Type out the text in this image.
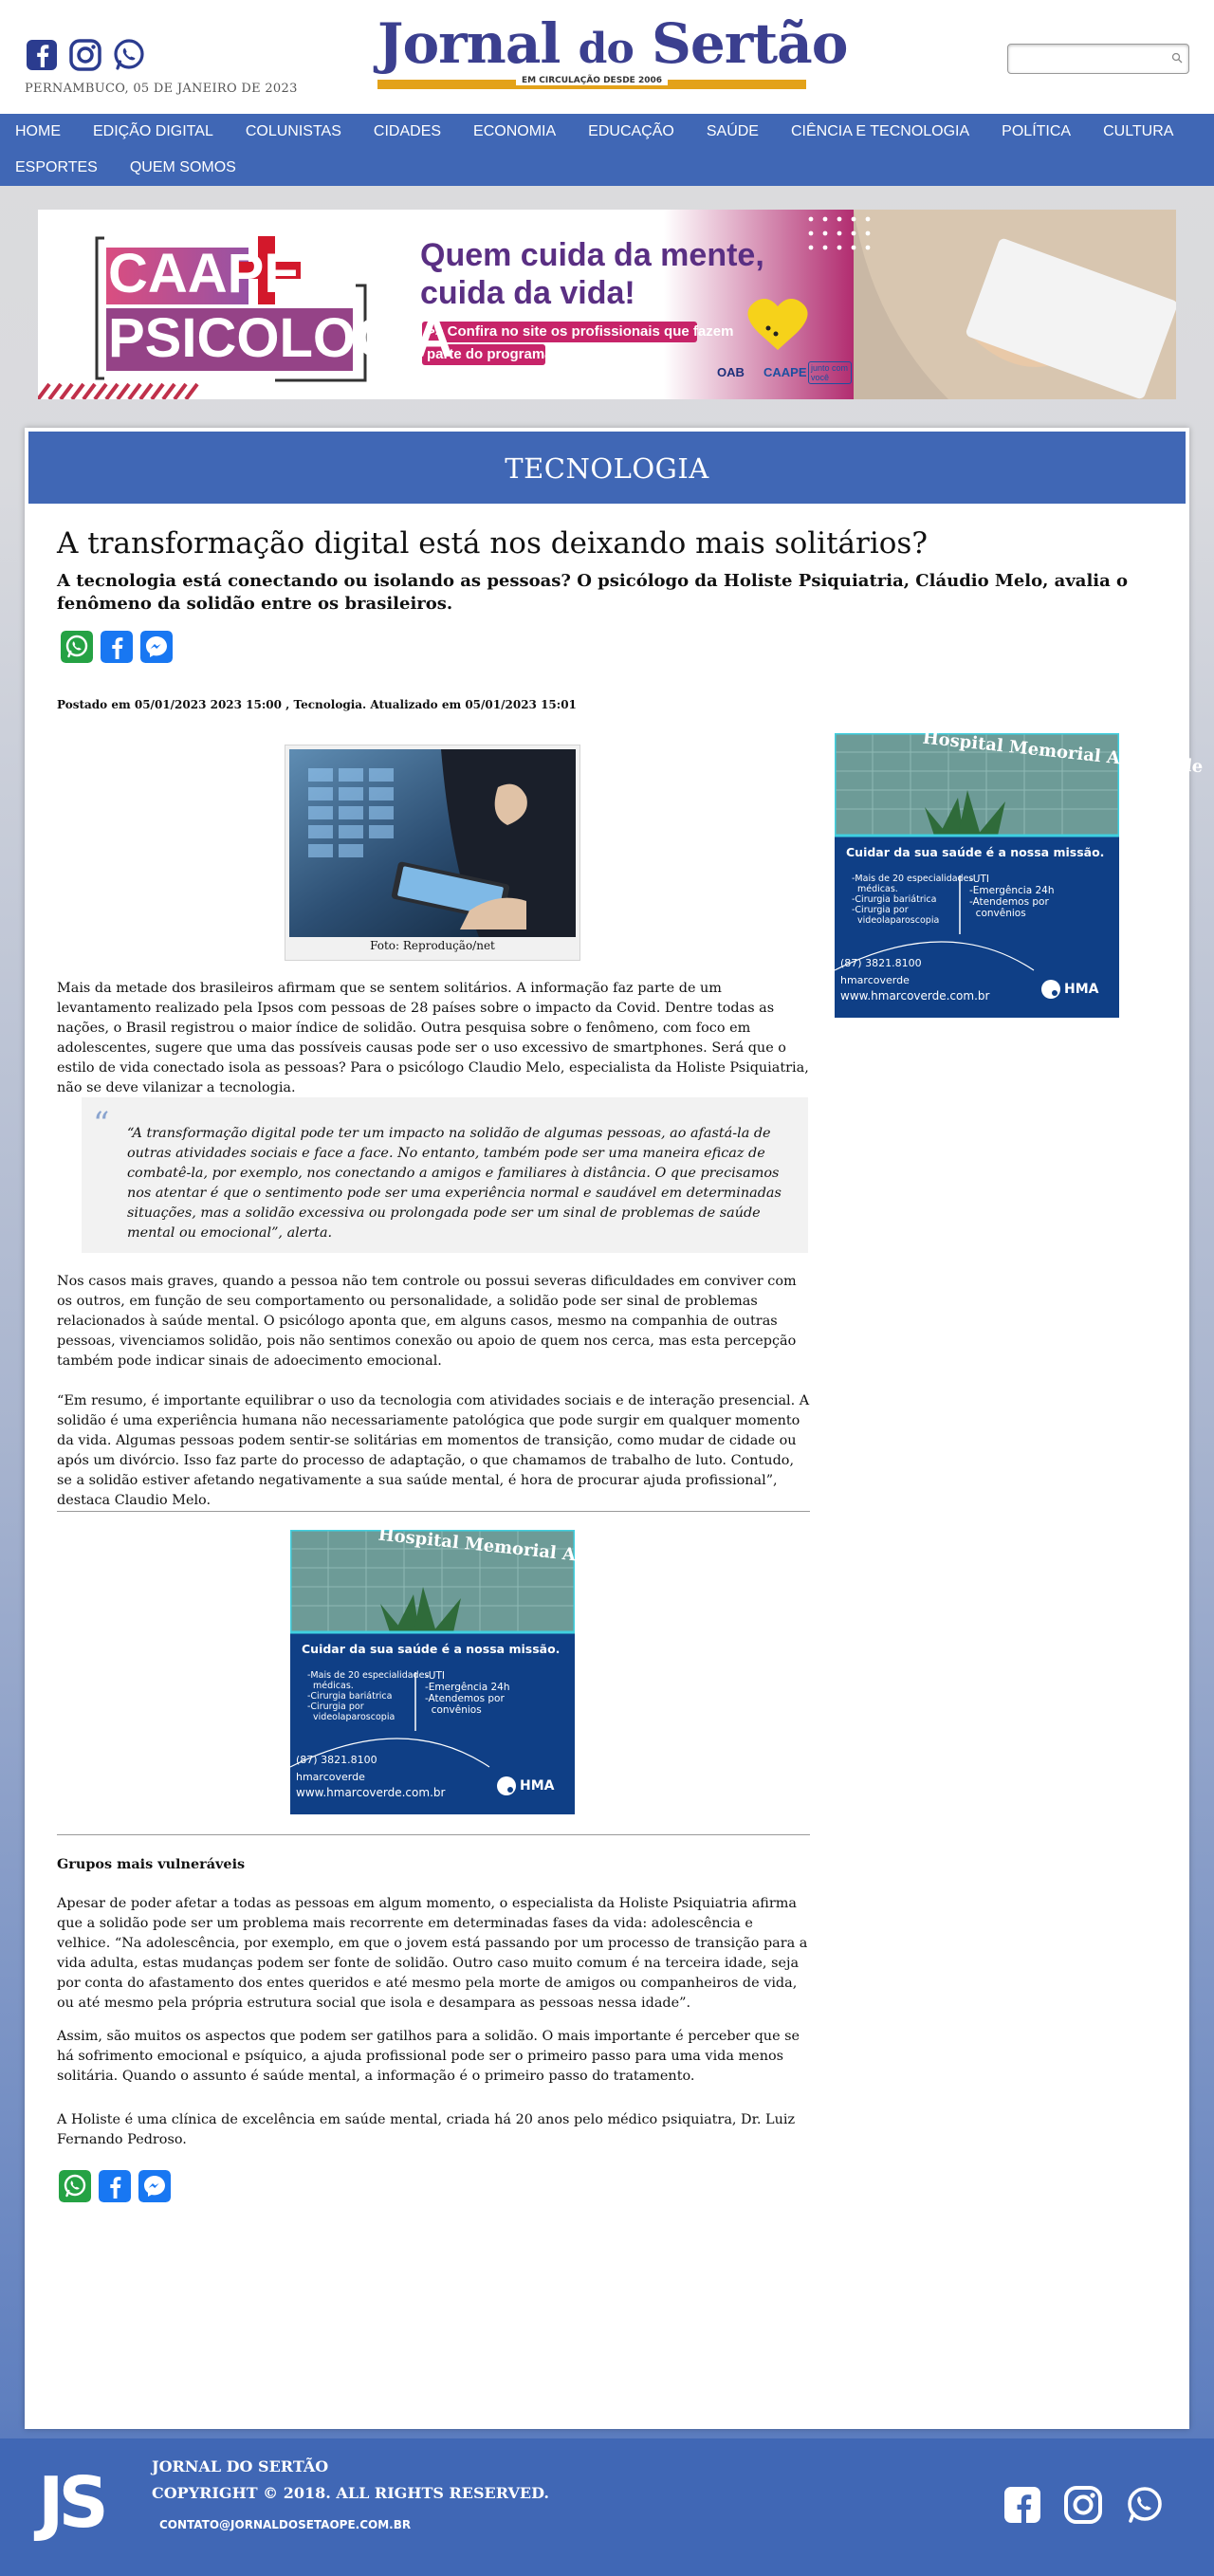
PERNAMBUCO, 05 DE JANEIRO DE 2023
Jornal do Sertão
EM CIRCULAÇÃO DESDE 2006
HOME	EDIÇÃO DIGITAL	COLUNISTAS	CIDADES	ECONOMIA	EDUCAÇÃO	SAÚDE	CIÊNCIA E TECNOLOGIA	POLÍTICA	CULTURA
ESPORTES	QUEM SOMOS
CAAPE
PSICOLOGIA
Quem cuida da mente,
cuida da vida!
>> Confira no site os profissionais que fazem
parte do programa.
OAB CAAPE junto com você
TECNOLOGIA
A transformação digital está nos deixando mais solitários?

A tecnologia está conectando ou isolando as pessoas? O psicólogo da Holiste Psiquiatria, Cláudio Melo, avalia o fenômeno da solidão entre os brasileiros.

Postado em 05/01/2023 2023 15:00 , Tecnologia. Atualizado em 05/01/2023 15:01
Foto: Reprodução/net
Hospital Memorial Arcoverde
Cuidar da sua saúde é a nossa missão.
-Mais de 20 especialidades
médicas.
-Cirurgia bariátrica
-Cirurgia por
videolaparoscopia
-UTI
-Emergência 24h
-Atendemos por
convênios
(87) 3821.8100
hmarcoverde
www.hmarcoverde.com.br	HMA

Mais da metade dos brasileiros afirmam que se sentem solitários. A informação faz parte de um levantamento realizado pela Ipsos com pessoas de 28 países sobre o impacto da Covid. Dentre todas as nações, o Brasil registrou o maior índice de solidão. Outra pesquisa sobre o fenômeno, com foco em adolescentes, sugere que uma das possíveis causas pode ser o uso excessivo de smartphones. Será que o estilo de vida conectado isola as pessoas? Para o psicólogo Claudio Melo, especialista da Holiste Psiquiatria, não se deve vilanizar a tecnologia.

“ “A transformação digital pode ter um impacto na solidão de algumas pessoas, ao afastá-la de outras atividades sociais e face a face. No entanto, também pode ser uma maneira eficaz de combatê-la, por exemplo, nos conectando a amigos e familiares à distância. O que precisamos nos atentar é que o sentimento pode ser uma experiência normal e saudável em determinadas situações, mas a solidão excessiva ou prolongada pode ser um sinal de problemas de saúde mental ou emocional”, alerta.

Nos casos mais graves, quando a pessoa não tem controle ou possui severas dificuldades em conviver com os outros, em função de seu comportamento ou personalidade, a solidão pode ser sinal de problemas relacionados à saúde mental. O psicólogo aponta que, em alguns casos, mesmo na companhia de outras pessoas, vivenciamos solidão, pois não sentimos conexão ou apoio de quem nos cerca, mas esta percepção também pode indicar sinais de adoecimento emocional.

“Em resumo, é importante equilibrar o uso da tecnologia com atividades sociais e de interação presencial. A solidão é uma experiência humana não necessariamente patológica que pode surgir em qualquer momento da vida. Algumas pessoas podem sentir-se solitárias em momentos de transição, como mudar de cidade ou após um divórcio. Isso faz parte do processo de adaptação, o que chamamos de trabalho de luto. Contudo, se a solidão estiver afetando negativamente a sua saúde mental, é hora de procurar ajuda profissional”, destaca Claudio Melo.

Hospital Memorial Arcoverde
Cuidar da sua saúde é a nossa missão.
-Mais de 20 especialidades
médicas.
-Cirurgia bariátrica
-Cirurgia por
videolaparoscopia
-UTI
-Emergência 24h
-Atendemos por
convênios
(87) 3821.8100
hmarcoverde
www.hmarcoverde.com.br	HMA
Grupos mais vulneráveis

Apesar de poder afetar a todas as pessoas em algum momento, o especialista da Holiste Psiquiatria afirma que a solidão pode ser um problema mais recorrente em determinadas fases da vida: adolescência e velhice. “Na adolescência, por exemplo, em que o jovem está passando por um processo de transição para a vida adulta, estas mudanças podem ser fonte de solidão. Outro caso muito comum é na terceira idade, seja por conta do afastamento dos entes queridos e até mesmo pela morte de amigos ou companheiros de vida, ou até mesmo pela própria estrutura social que isola e desampara as pessoas nessa idade”.

Assim, são muitos os aspectos que podem ser gatilhos para a solidão. O mais importante é perceber que se há sofrimento emocional e psíquico, a ajuda profissional pode ser o primeiro passo para uma vida menos solitária. Quando o assunto é saúde mental, a informação é o primeiro passo do tratamento.

A Holiste é uma clínica de excelência em saúde mental, criada há 20 anos pelo médico psiquiatra, Dr. Luiz Fernando Pedroso.

JS	JORNAL DO SERTÃO
COPYRIGHT © 2018. ALL RIGHTS RESERVED.
CONTATO@JORNALDOSETAOPE.COM.BR
